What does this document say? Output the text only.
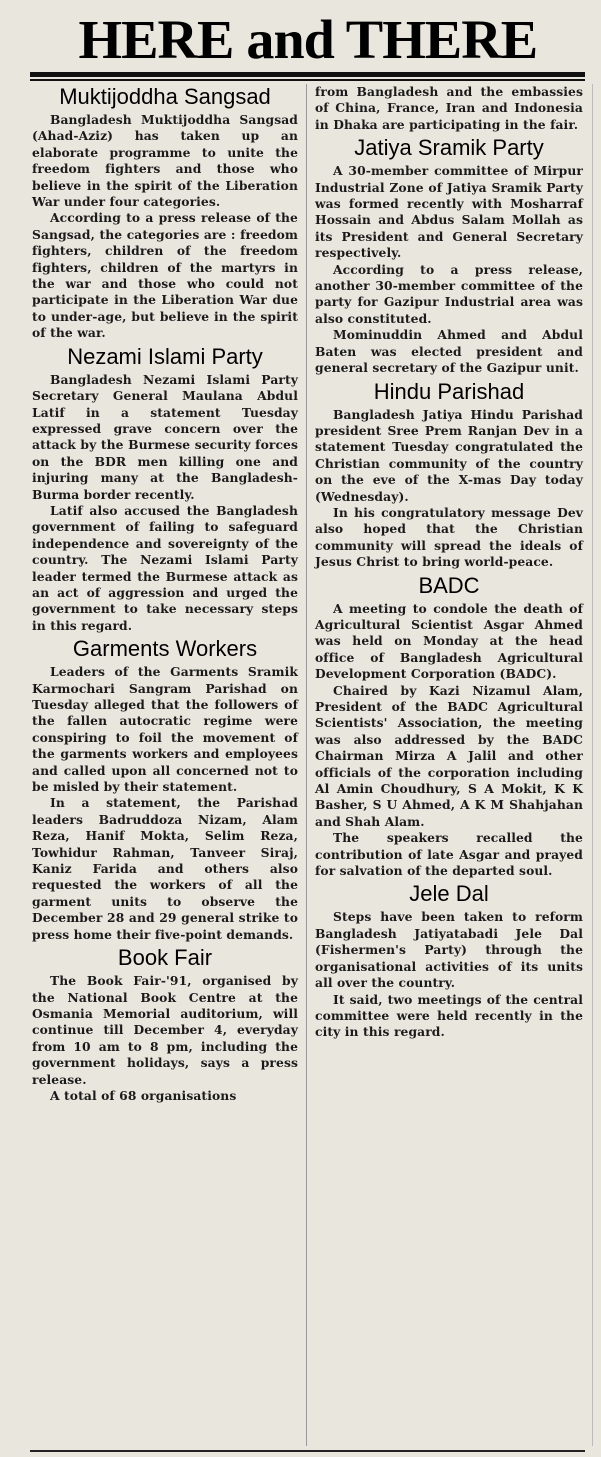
HERE and THERE
Muktijoddha Sangsad

Bangladesh Muktijoddha Sangsad (Ahad-Aziz) has taken up an elaborate programme to unite the freedom fighters and those who believe in the spirit of the Liberation War under four categories.

According to a press release of the Sangsad, the categories are : freedom fighters, children of the freedom fighters, children of the martyrs in the war and those who could not participate in the Liberation War due to under-age, but believe in the spirit of the war.

Nezami Islami Party

Bangladesh Nezami Islami Party Secretary General Maulana Abdul Latif in a statement Tuesday expressed grave concern over the attack by the Burmese security forces on the BDR men killing one and injuring many at the Bangladesh-Burma border recently.

Latif also accused the Bangladesh government of failing to safeguard independence and sovereignty of the country. The Nezami Islami Party leader termed the Burmese attack as an act of aggression and urged the government to take necessary steps in this regard.

Garments Workers

Leaders of the Garments Sramik Karmochari Sangram Parishad on Tuesday alleged that the followers of the fallen autocratic regime were conspiring to foil the movement of the garments workers and employees and called upon all concerned not to be misled by their statement.

In a statement, the Parishad leaders Badruddoza Nizam, Alam Reza, Hanif Mokta, Selim Reza, Towhidur Rahman, Tanveer Siraj, Kaniz Farida and others also requested the workers of all the garment units to observe the December 28 and 29 general strike to press home their five-point demands.

Book Fair

The Book Fair-'91, organised by the National Book Centre at the Osmania Memorial auditorium, will continue till December 4, everyday from 10 am to 8 pm, including the government holidays, says a press release.

A total of 68 organisations

from Bangladesh and the embassies of China, France, Iran and Indonesia in Dhaka are participating in the fair.

Jatiya Sramik Party

A 30-member committee of Mirpur Industrial Zone of Jatiya Sramik Party was formed recently with Mosharraf Hossain and Abdus Salam Mollah as its President and General Secretary respectively.

According to a press release, another 30-member committee of the party for Gazipur Industrial area was also constituted.

Mominuddin Ahmed and Abdul Baten was elected president and general secretary of the Gazipur unit.

Hindu Parishad

Bangladesh Jatiya Hindu Parishad president Sree Prem Ranjan Dev in a statement Tuesday congratulated the Christian community of the country on the eve of the X-mas Day today (Wednesday).

In his congratulatory message Dev also hoped that the Christian community will spread the ideals of Jesus Christ to bring world-peace.

BADC

A meeting to condole the death of Agricultural Scientist Asgar Ahmed was held on Monday at the head office of Bangladesh Agricultural Development Corporation (BADC).

Chaired by Kazi Nizamul Alam, President of the BADC Agricultural Scientists' Association, the meeting was also addressed by the BADC Chairman Mirza A Jalil and other officials of the corporation including Al Amin Choudhury, S A Mokit, K K Basher, S U Ahmed, A K M Shahjahan and Shah Alam.

The speakers recalled the contribution of late Asgar and prayed for salvation of the departed soul.

Jele Dal

Steps have been taken to reform Bangladesh Jatiyatabadi Jele Dal (Fishermen's Party) through the organisational activities of its units all over the country.

It said, two meetings of the central committee were held recently in the city in this regard.
